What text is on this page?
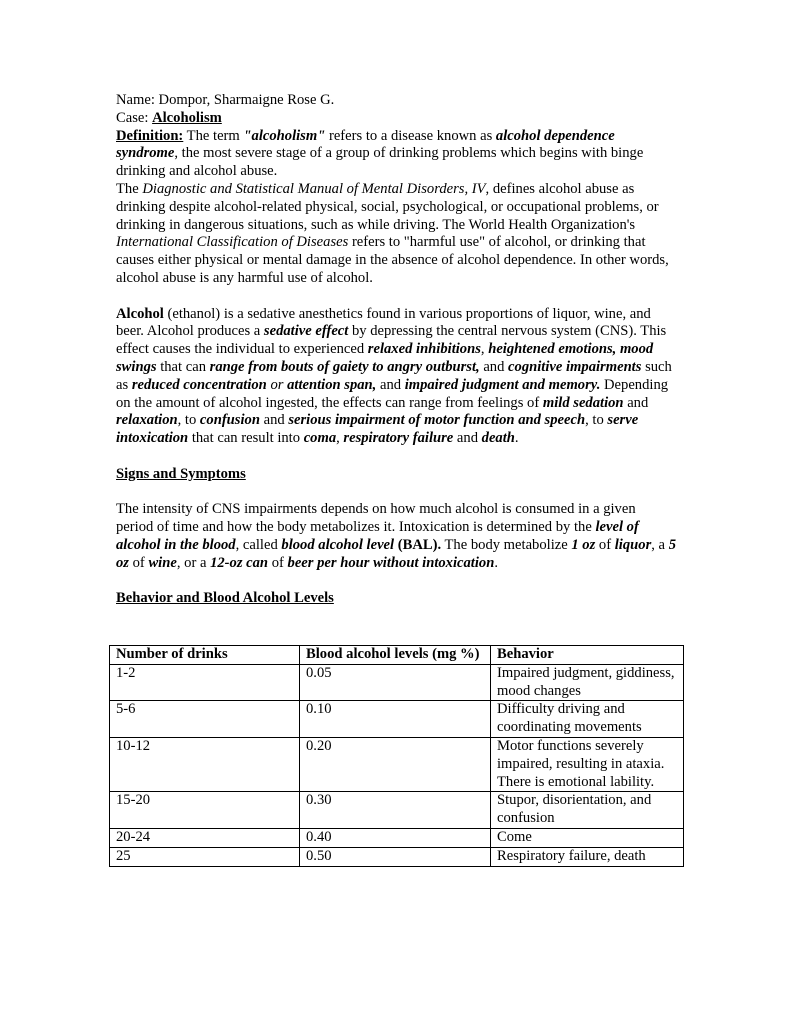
Name: Dompor, Sharmaigne Rose G.

Case: Alcoholism

Definition: The term "alcoholism" refers to a disease known as alcohol dependence syndrome, the most severe stage of a group of drinking problems which begins with binge drinking and alcohol abuse.

The Diagnostic and Statistical Manual of Mental Disorders, IV, defines alcohol abuse as drinking despite alcohol-related physical, social, psychological, or occupational problems, or drinking in dangerous situations, such as while driving. The World Health Organization's International Classification of Diseases refers to "harmful use" of alcohol, or drinking that causes either physical or mental damage in the absence of alcohol dependence. In other words, alcohol abuse is any harmful use of alcohol.

Alcohol (ethanol) is a sedative anesthetics found in various proportions of liquor, wine, and beer. Alcohol produces a sedative effect by depressing the central nervous system (CNS). This effect causes the individual to experienced relaxed inhibitions, heightened emotions, mood swings that can range from bouts of gaiety to angry outburst, and cognitive impairments such as reduced concentration or attention span, and impaired judgment and memory. Depending on the amount of alcohol ingested, the effects can range from feelings of mild sedation and relaxation, to confusion and serious impairment of motor function and speech, to serve intoxication that can result into coma, respiratory failure and death.

Signs and Symptoms

The intensity of CNS impairments depends on how much alcohol is consumed in a given period of time and how the body metabolizes it. Intoxication is determined by the level of alcohol in the blood, called blood alcohol level (BAL). The body metabolize 1 oz of liquor, a 5 oz of wine, or a 12-oz can of beer per hour without intoxication.

Behavior and Blood Alcohol Levels

Number of drinks	Blood alcohol levels (mg %)	Behavior
1-2	0.05	Impaired judgment, giddiness, mood changes
5-6	0.10	Difficulty driving and coordinating movements
10-12	0.20	Motor functions severely impaired, resulting in ataxia. There is emotional lability.
15-20	0.30	Stupor, disorientation, and confusion
20-24	0.40	Come
25	0.50	Respiratory failure, death
